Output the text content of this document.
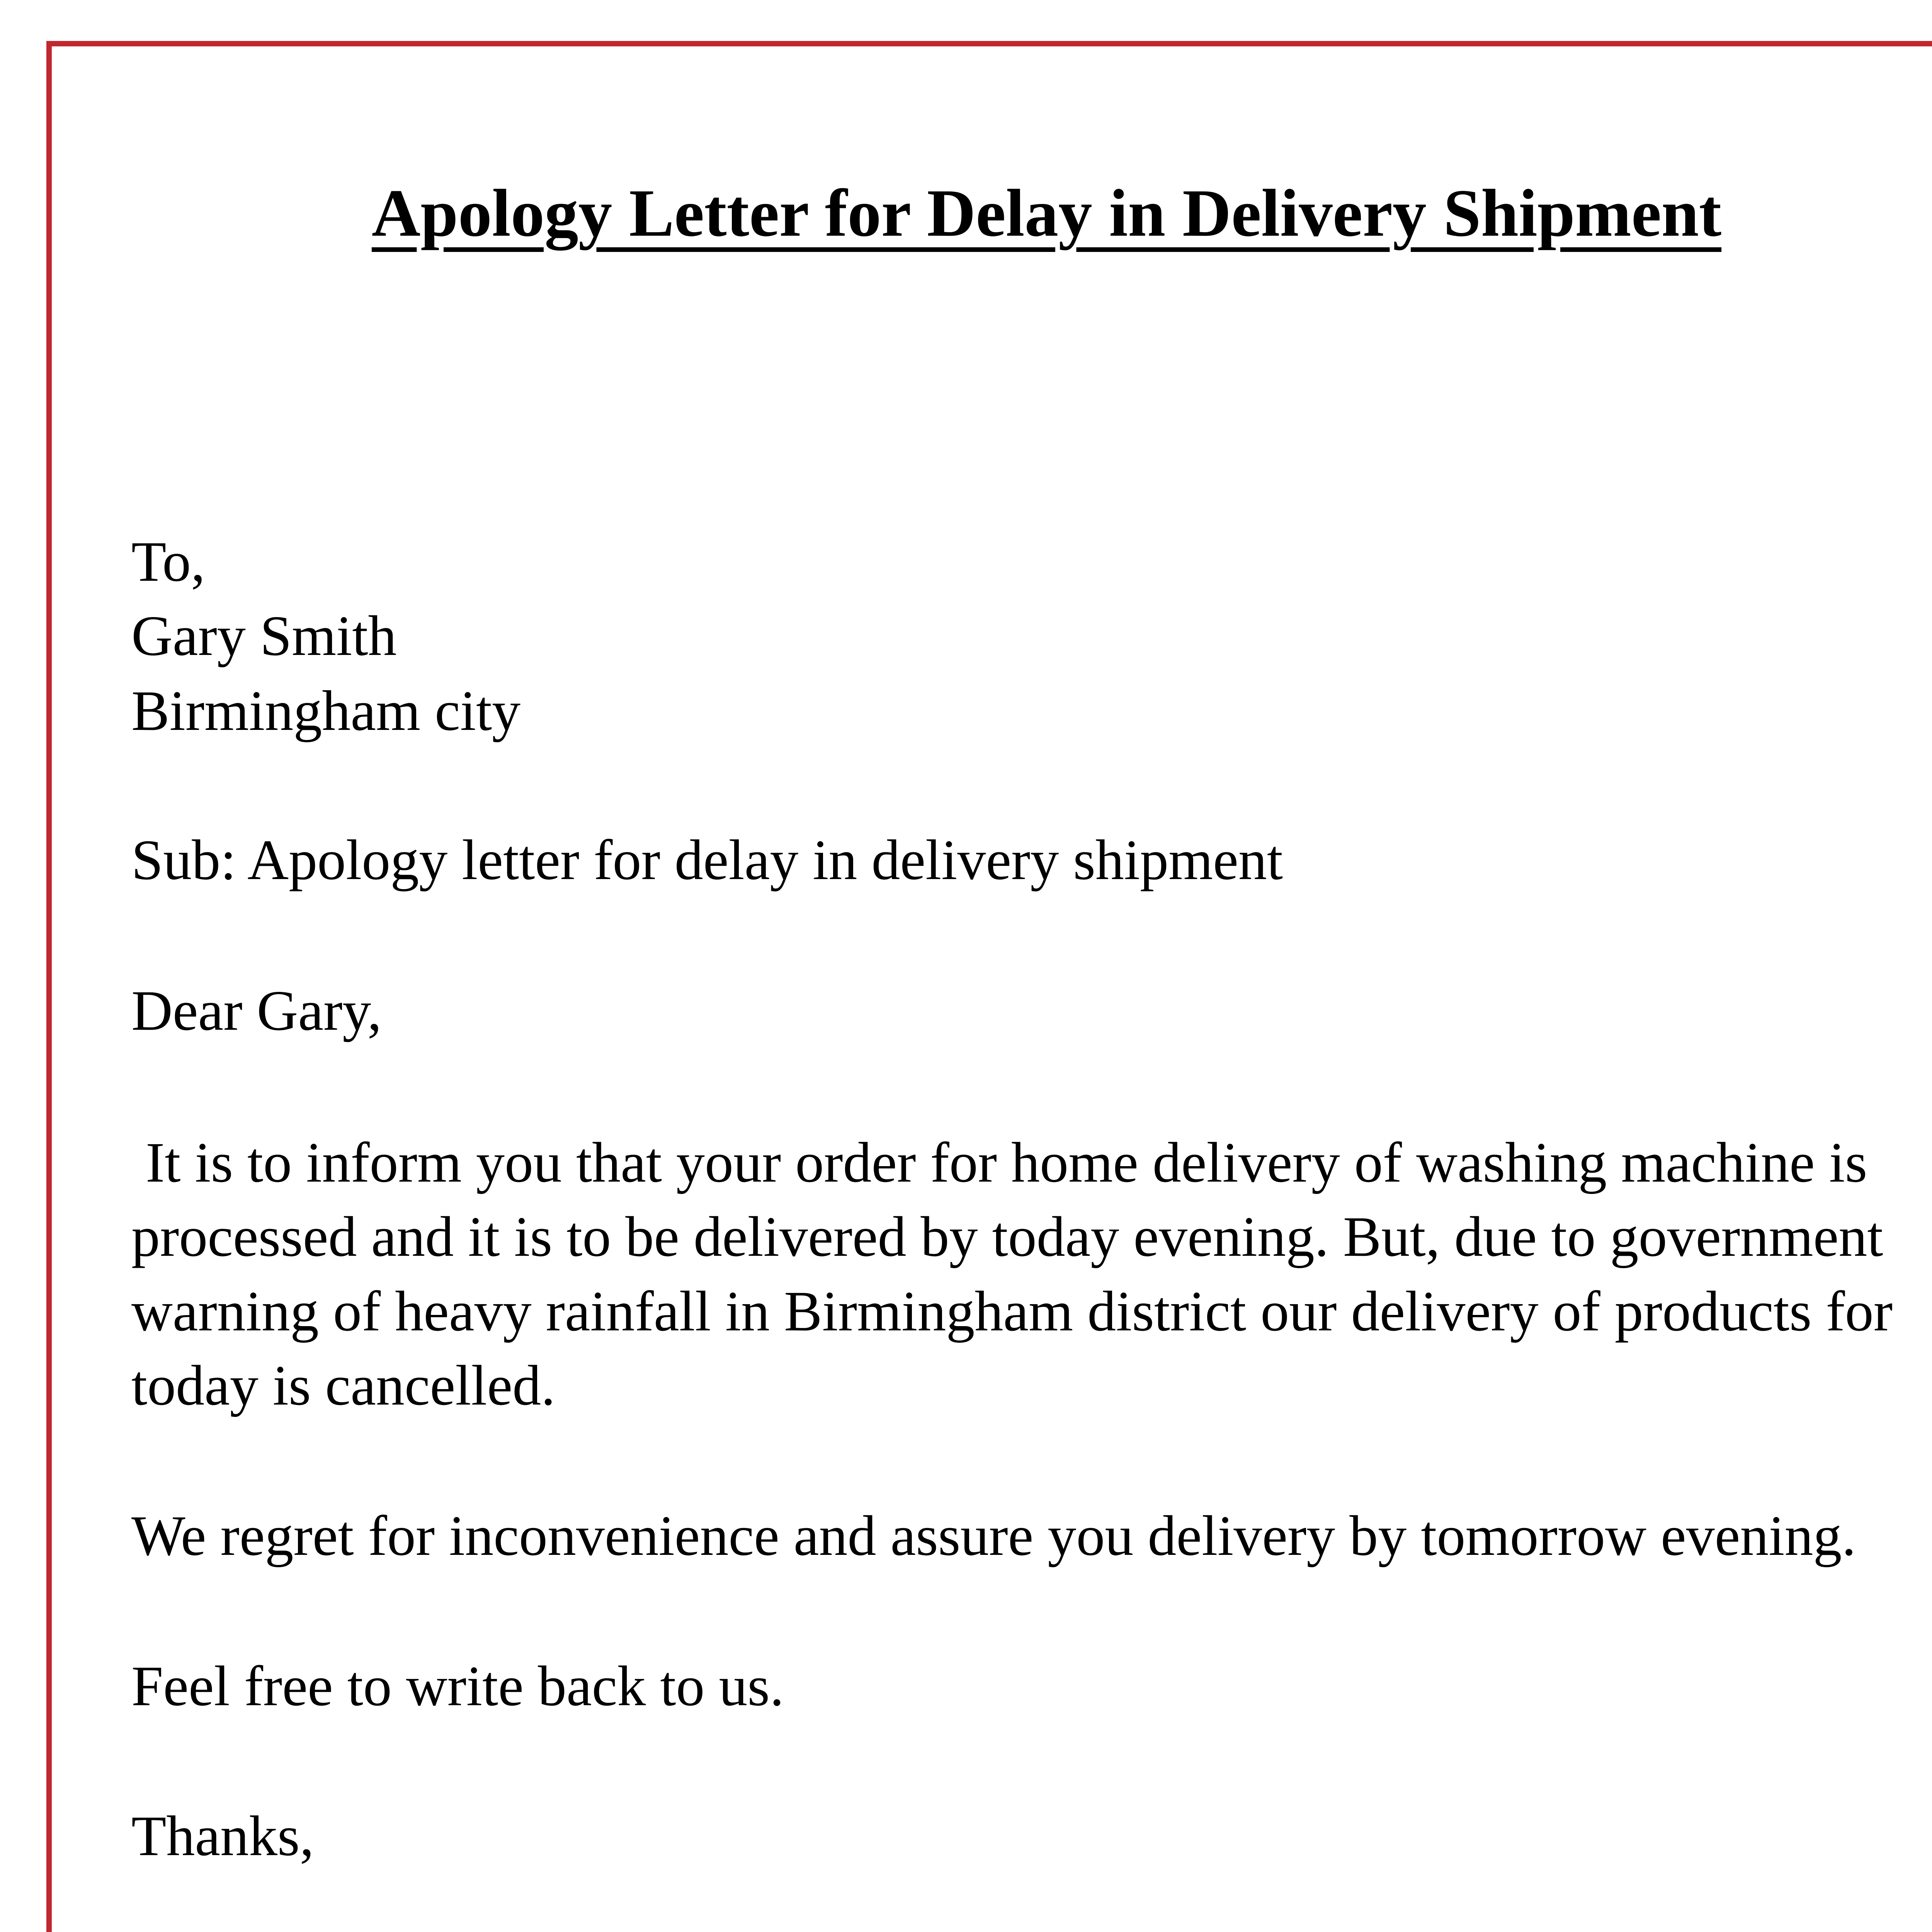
Apology Letter for Delay in Delivery Shipment
To,
Gary Smith
Birmingham city
Sub: Apology letter for delay in delivery shipment
Dear Gary,
It is to inform you that your order for home delivery of washing machine is
processed and it is to be delivered by today evening. But, due to government
warning of heavy rainfall in Birmingham district our delivery of products for
today is cancelled.
We regret for inconvenience and assure you delivery by tomorrow evening.
Feel free to write back to us.
Thanks,
